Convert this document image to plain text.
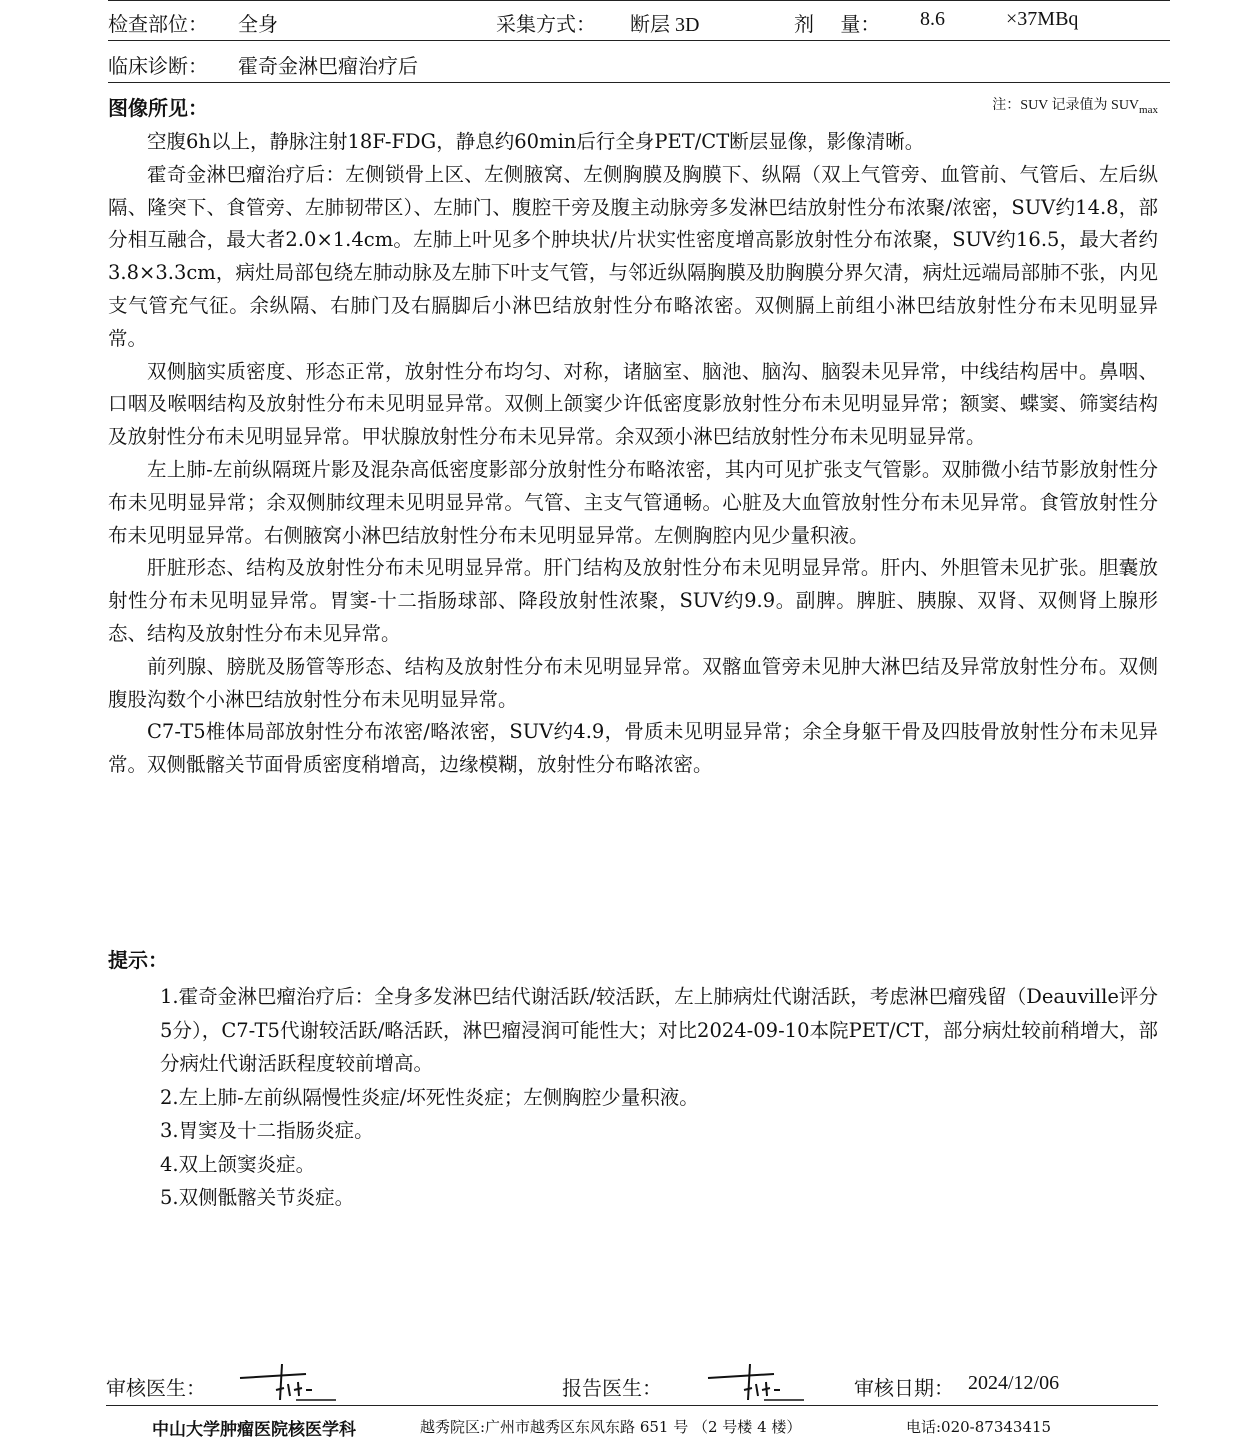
检查部位： 全身	采集方式： 断层 3D	剂　 量： 8.6	×37MBq
临床诊断： 霍奇金淋巴瘤治疗后
图像所见：	注：SUV 记录值为 $SUV_{max}$

空腹6h以上，静脉注射18F-FDG，静息约60min后行全身PET/CT断层显像，影像清晰。

霍奇金淋巴瘤治疗后：左侧锁骨上区、左侧腋窝、左侧胸膜及胸膜下、纵隔（双上气管旁、血管前、气管后、左后纵隔、隆突下、食管旁、左肺韧带区）、左肺门、腹腔干旁及腹主动脉旁多发淋巴结放射性分布浓聚/浓密，SUV约14.8，部分相互融合，最大者2.0×1.4cm。左肺上叶见多个肿块状/片状实性密度增高影放射性分布浓聚，SUV约16.5，最大者约3.8×3.3cm，病灶局部包绕左肺动脉及左肺下叶支气管，与邻近纵隔胸膜及肋胸膜分界欠清，病灶远端局部肺不张，内见支气管充气征。余纵隔、右肺门及右膈脚后小淋巴结放射性分布略浓密。双侧膈上前组小淋巴结放射性分布未见明显异常。

双侧脑实质密度、形态正常，放射性分布均匀、对称，诸脑室、脑池、脑沟、脑裂未见异常，中线结构居中。鼻咽、口咽及喉咽结构及放射性分布未见明显异常。双侧上颌窦少许低密度影放射性分布未见明显异常；额窦、蝶窦、筛窦结构及放射性分布未见明显异常。甲状腺放射性分布未见异常。余双颈小淋巴结放射性分布未见明显异常。

左上肺-左前纵隔斑片影及混杂高低密度影部分放射性分布略浓密，其内可见扩张支气管影。双肺微小结节影放射性分布未见明显异常；余双侧肺纹理未见明显异常。气管、主支气管通畅。心脏及大血管放射性分布未见异常。食管放射性分布未见明显异常。右侧腋窝小淋巴结放射性分布未见明显异常。左侧胸腔内见少量积液。

肝脏形态、结构及放射性分布未见明显异常。肝门结构及放射性分布未见明显异常。肝内、外胆管未见扩张。胆囊放射性分布未见明显异常。胃窦-十二指肠球部、降段放射性浓聚，SUV约9.9。副脾。脾脏、胰腺、双肾、双侧肾上腺形态、结构及放射性分布未见异常。

前列腺、膀胱及肠管等形态、结构及放射性分布未见明显异常。双髂血管旁未见肿大淋巴结及异常放射性分布。双侧腹股沟数个小淋巴结放射性分布未见明显异常。

C7-T5椎体局部放射性分布浓密/略浓密，SUV约4.9，骨质未见明显异常；余全身躯干骨及四肢骨放射性分布未见异常。双侧骶髂关节面骨质密度稍增高，边缘模糊，放射性分布略浓密。

提示：
1.霍奇金淋巴瘤治疗后：全身多发淋巴结代谢活跃/较活跃，左上肺病灶代谢活跃，考虑淋巴瘤残留（Deauville评分5分），C7-T5代谢较活跃/略活跃，淋巴瘤浸润可能性大；对比2024-09-10本院PET/CT，部分病灶较前稍增大，部分病灶代谢活跃程度较前增高。
2.左上肺-左前纵隔慢性炎症/坏死性炎症；左侧胸腔少量积液。
3.胃窦及十二指肠炎症。
4.双上颌窦炎症。
5.双侧骶髂关节炎症。
审核医生：	报告医生：	审核日期： 2024/12/06
中山大学肿瘤医院核医学科	越秀院区:广州市越秀区东风东路 651 号 （2 号楼 4 楼）	电话:020-87343415
